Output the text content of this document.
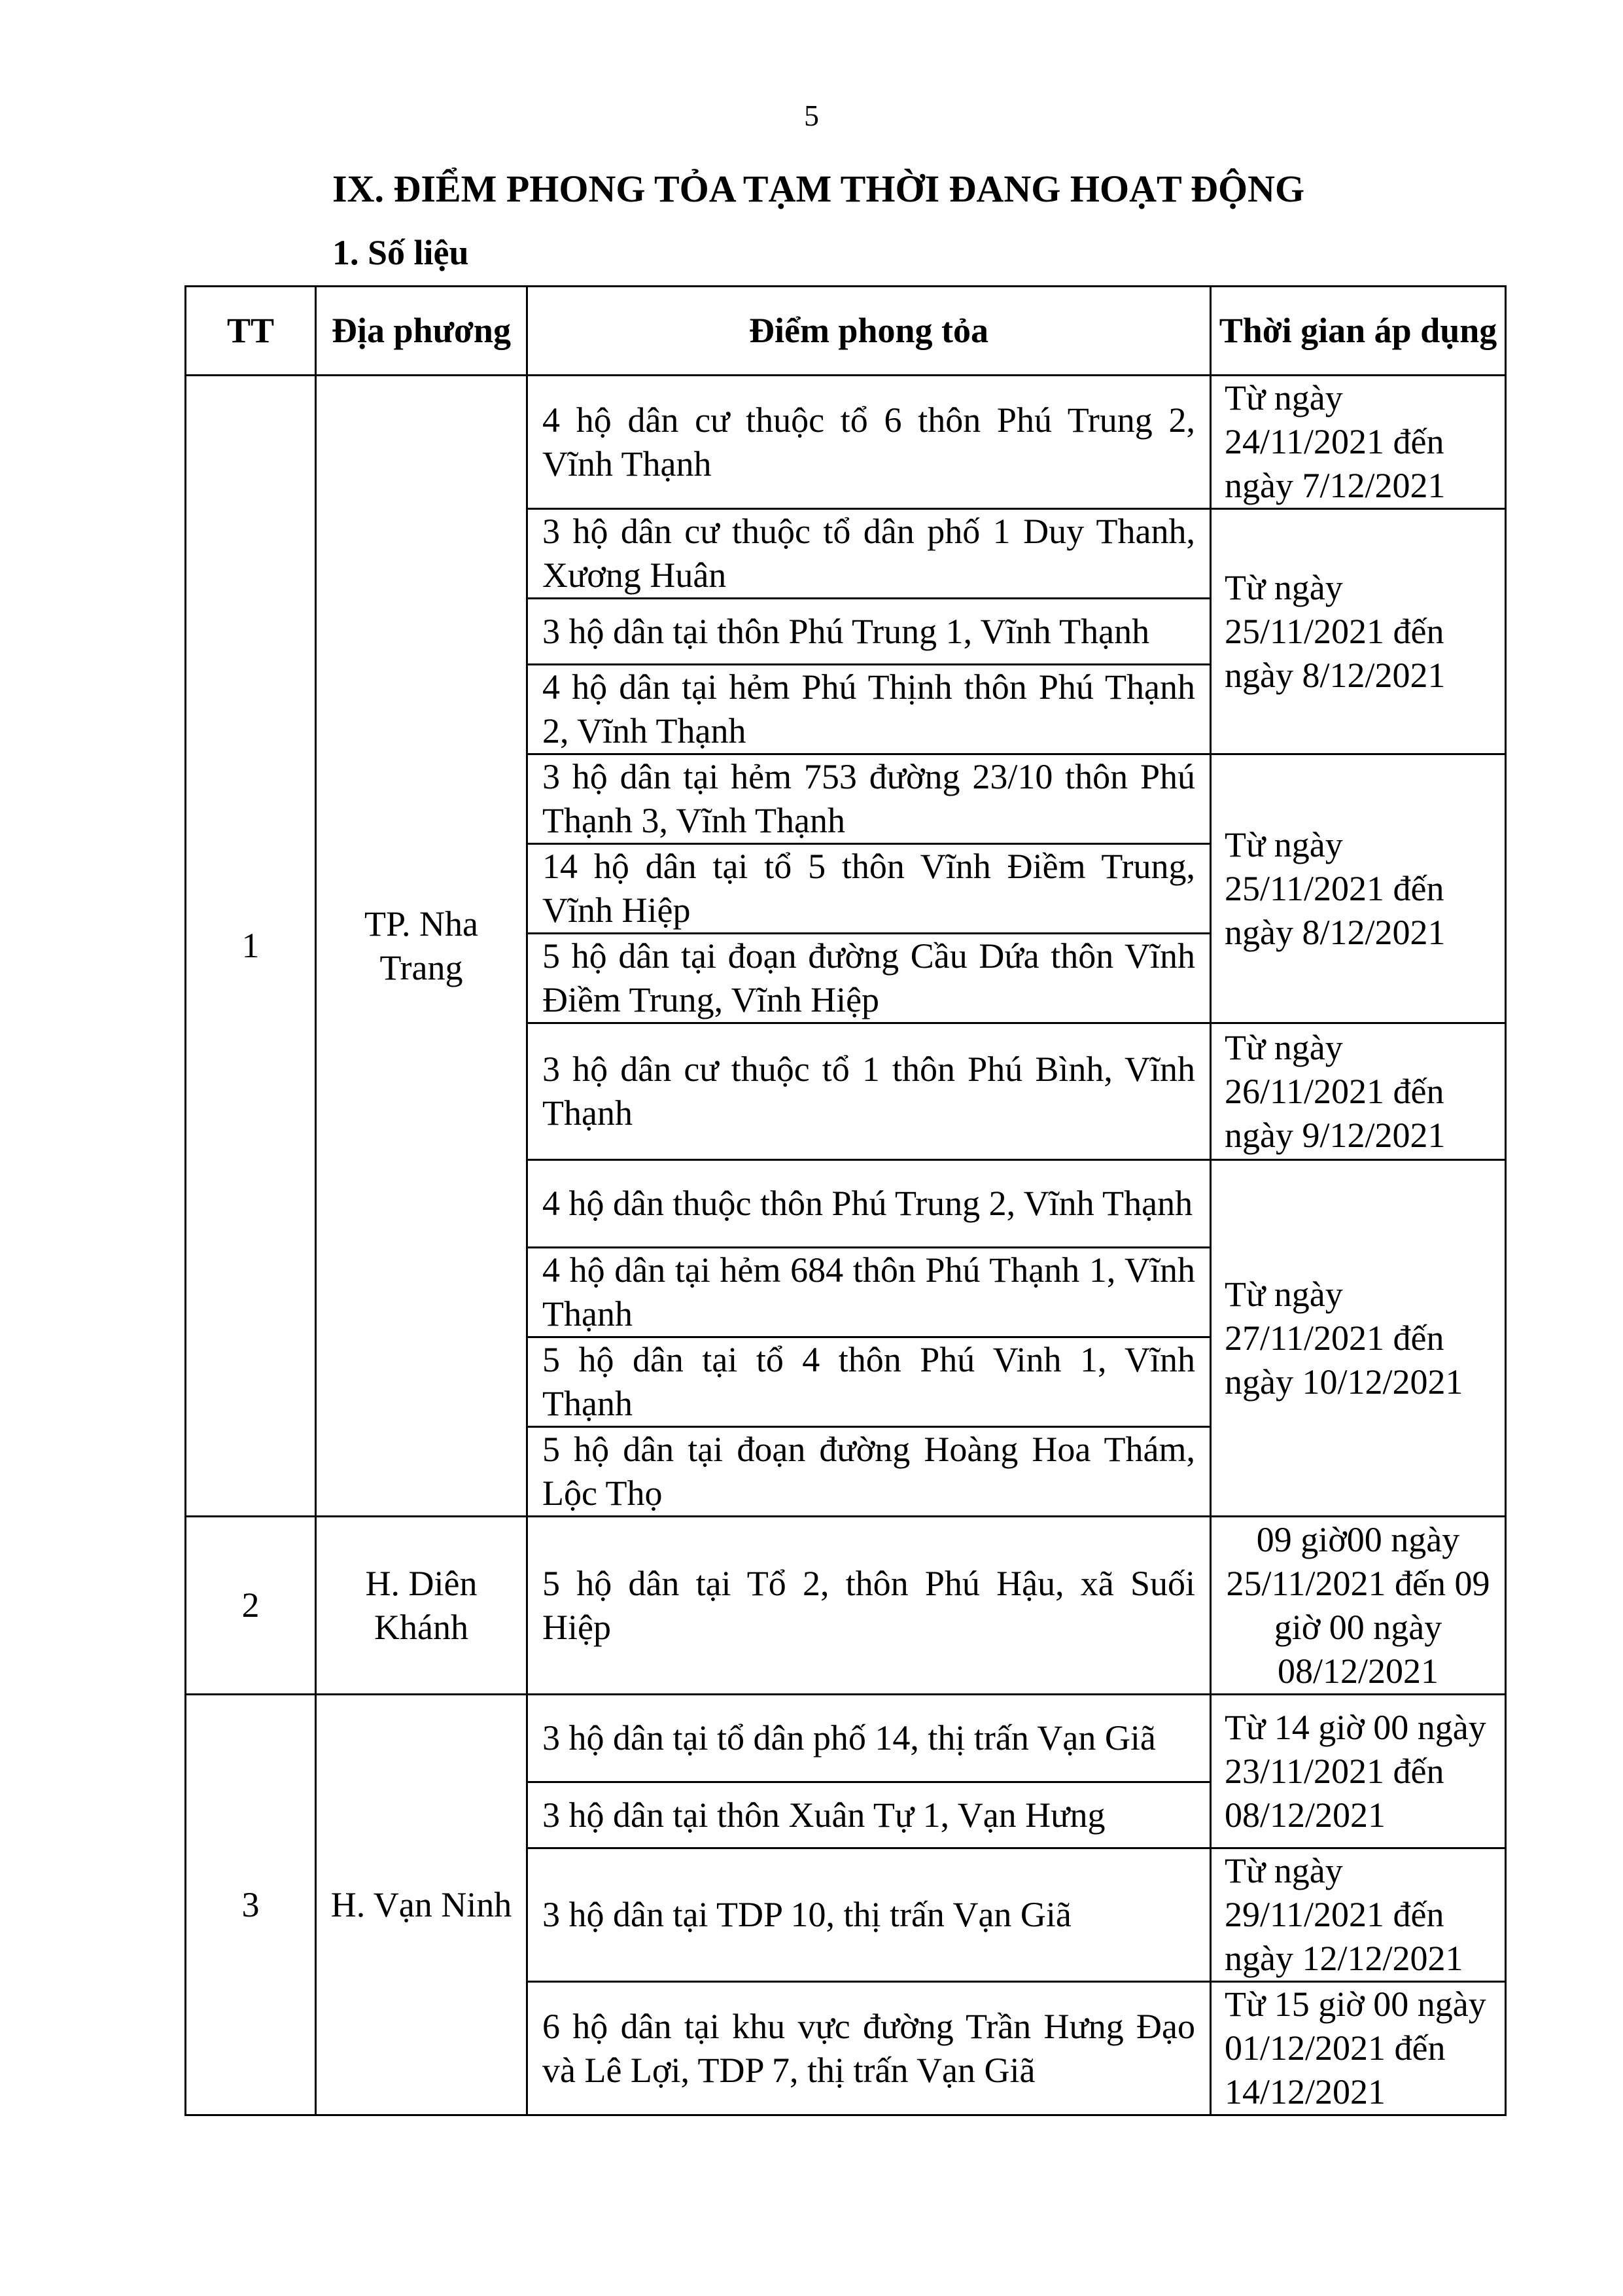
5
IX. ĐIỂM PHONG TỎA TẠM THỜI ĐANG HOẠT ĐỘNG
1. Số liệu
TT	Địa phương	Điểm phong tỏa	Thời gian áp dụng
1	TP. Nha Trang	4 hộ dân cư thuộc tổ 6 thôn Phú Trung 2, Vĩnh Thạnh	Từ ngày 24/11/2021 đến ngày 7/12/2021
		3 hộ dân cư thuộc tổ dân phố 1 Duy Thanh, Xương Huân	Từ ngày 25/11/2021 đến ngày 8/12/2021
		3 hộ dân tại thôn Phú Trung 1, Vĩnh Thạnh	
		4 hộ dân tại hẻm Phú Thịnh thôn Phú Thạnh 2, Vĩnh Thạnh	
		3 hộ dân tại hẻm 753 đường 23/10 thôn Phú Thạnh 3, Vĩnh Thạnh	Từ ngày 25/11/2021 đến ngày 8/12/2021
		14 hộ dân tại tổ 5 thôn Vĩnh Điềm Trung, Vĩnh Hiệp	
		5 hộ dân tại đoạn đường Cầu Dứa thôn Vĩnh Điềm Trung, Vĩnh Hiệp	
		3 hộ dân cư thuộc tổ 1 thôn Phú Bình, Vĩnh Thạnh	Từ ngày 26/11/2021 đến ngày 9/12/2021
		4 hộ dân thuộc thôn Phú Trung 2, Vĩnh Thạnh	Từ ngày 27/11/2021 đến ngày 10/12/2021
		4 hộ dân tại hẻm 684 thôn Phú Thạnh 1, Vĩnh Thạnh	
		5 hộ dân tại tổ 4 thôn Phú Vinh 1, Vĩnh Thạnh	
		5 hộ dân tại đoạn đường Hoàng Hoa Thám, Lộc Thọ	
2	H. Diên Khánh	5 hộ dân tại Tổ 2, thôn Phú Hậu, xã Suối Hiệp	09 giờ00 ngày 25/11/2021 đến 09 giờ 00 ngày 08/12/2021
3	H. Vạn Ninh	3 hộ dân tại tổ dân phố 14, thị trấn Vạn Giã	Từ 14 giờ 00 ngày 23/11/2021 đến 08/12/2021
		3 hộ dân tại thôn Xuân Tự 1, Vạn Hưng	
		3 hộ dân tại TDP 10, thị trấn Vạn Giã	Từ ngày 29/11/2021 đến ngày 12/12/2021
		6 hộ dân tại khu vực đường Trần Hưng Đạo và Lê Lợi, TDP 7, thị trấn Vạn Giã	Từ 15 giờ 00 ngày 01/12/2021 đến 14/12/2021
